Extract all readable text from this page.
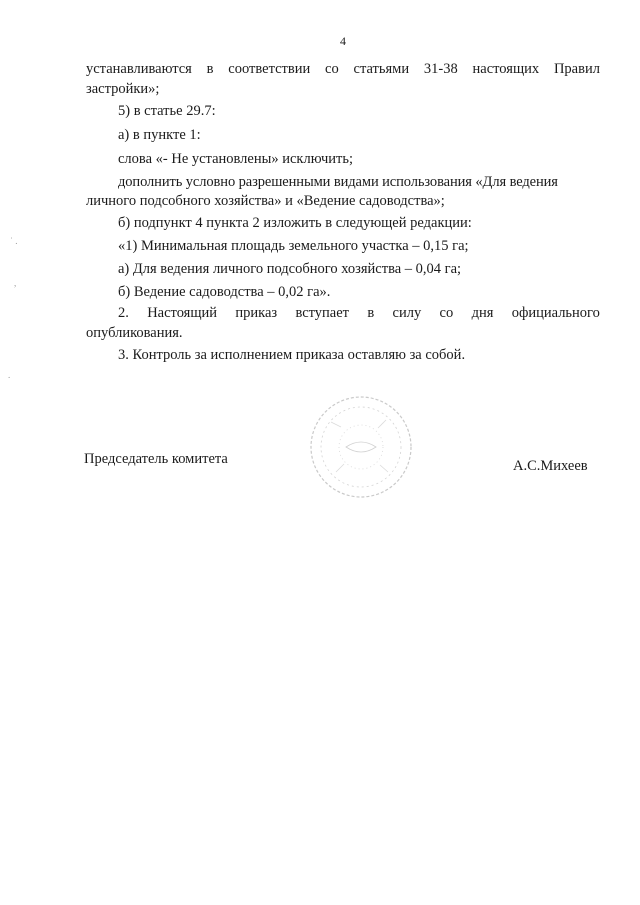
4
устанавливаются в соответствии со статьями 31-38 настоящих Правил
застройки»;
5) в статье 29.7:
а) в пункте 1:
слова «- Не установлены» исключить;
дополнить условно разрешенными видами использования «Для ведения
личного подсобного хозяйства» и «Ведение садоводства»;
б) подпункт 4 пункта 2 изложить в следующей редакции:
«1) Минимальная площадь земельного участка – 0,15 га;
а) Для ведения личного подсобного хозяйства – 0,04 га;
б) Ведение садоводства – 0,02 га».
2. Настоящий приказ вступает в силу со дня официального
опубликования.
3. Контроль за исполнением приказа оставляю за собой.
Председатель комитета	А.С.Михеев
˙ .
.
,
